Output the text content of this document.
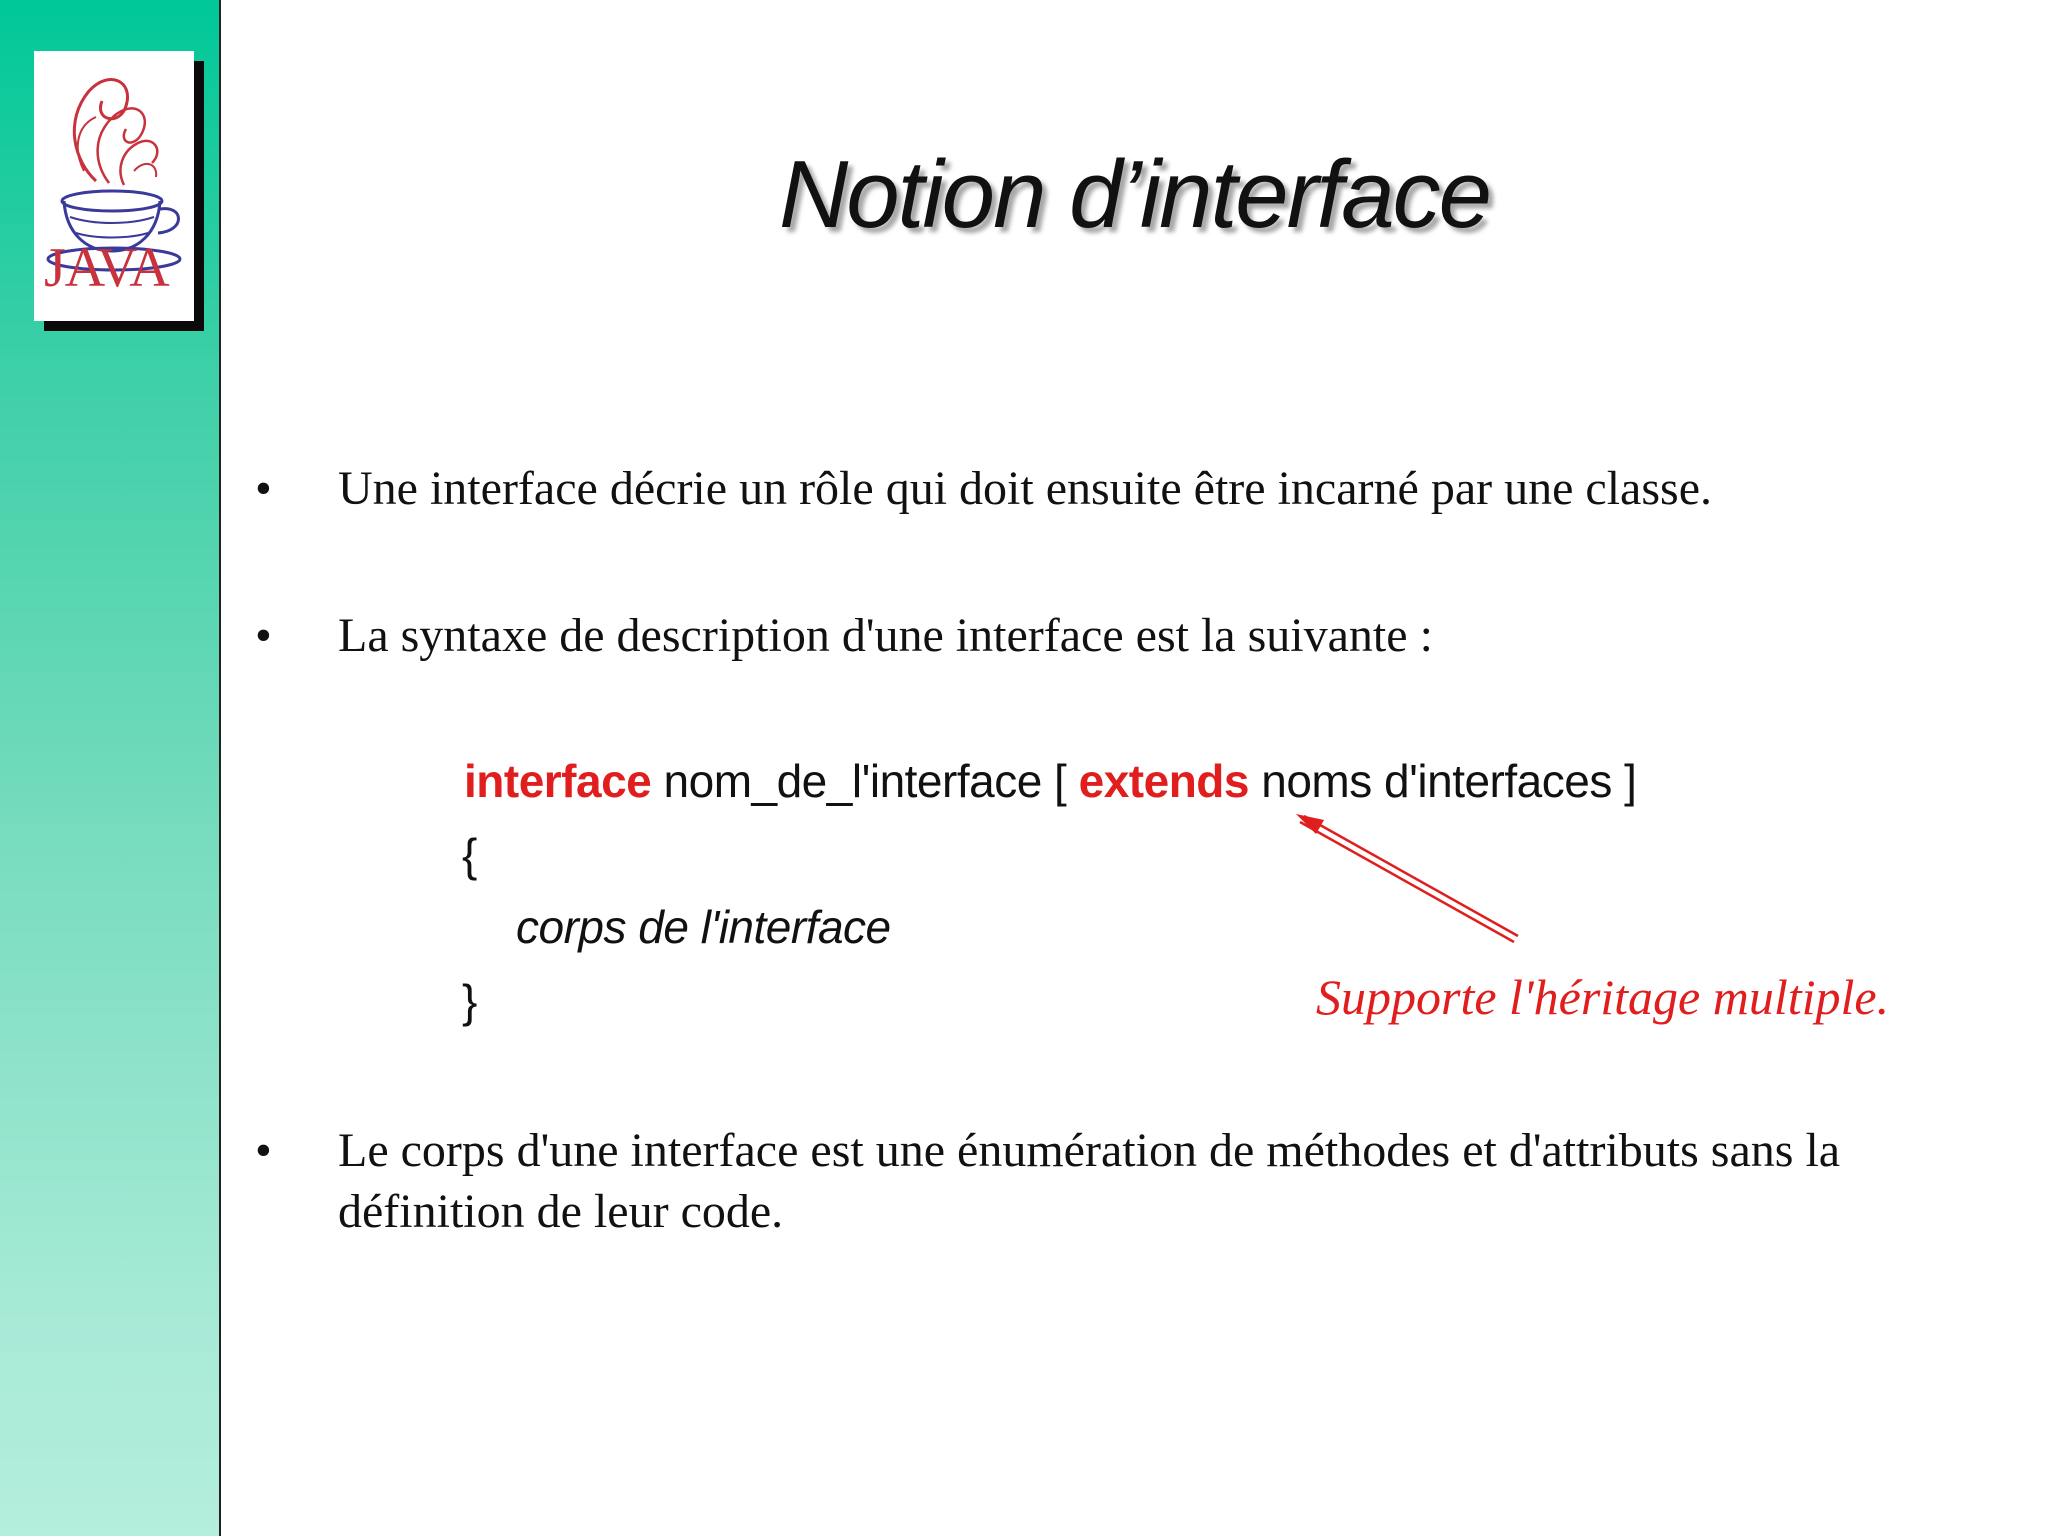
JAVA
Notion d’interface
• Une interface décrie un rôle qui doit ensuite être incarné par une classe.
• La syntaxe de description d'une interface est la suivante :
interface nom_de_l'interface [ extends noms d'interfaces ]
{
corps de l'interface
}	Supporte l'héritage multiple.
• Le corps d'une interface est une énumération de méthodes et d'attributs sans la définition de leur code.
